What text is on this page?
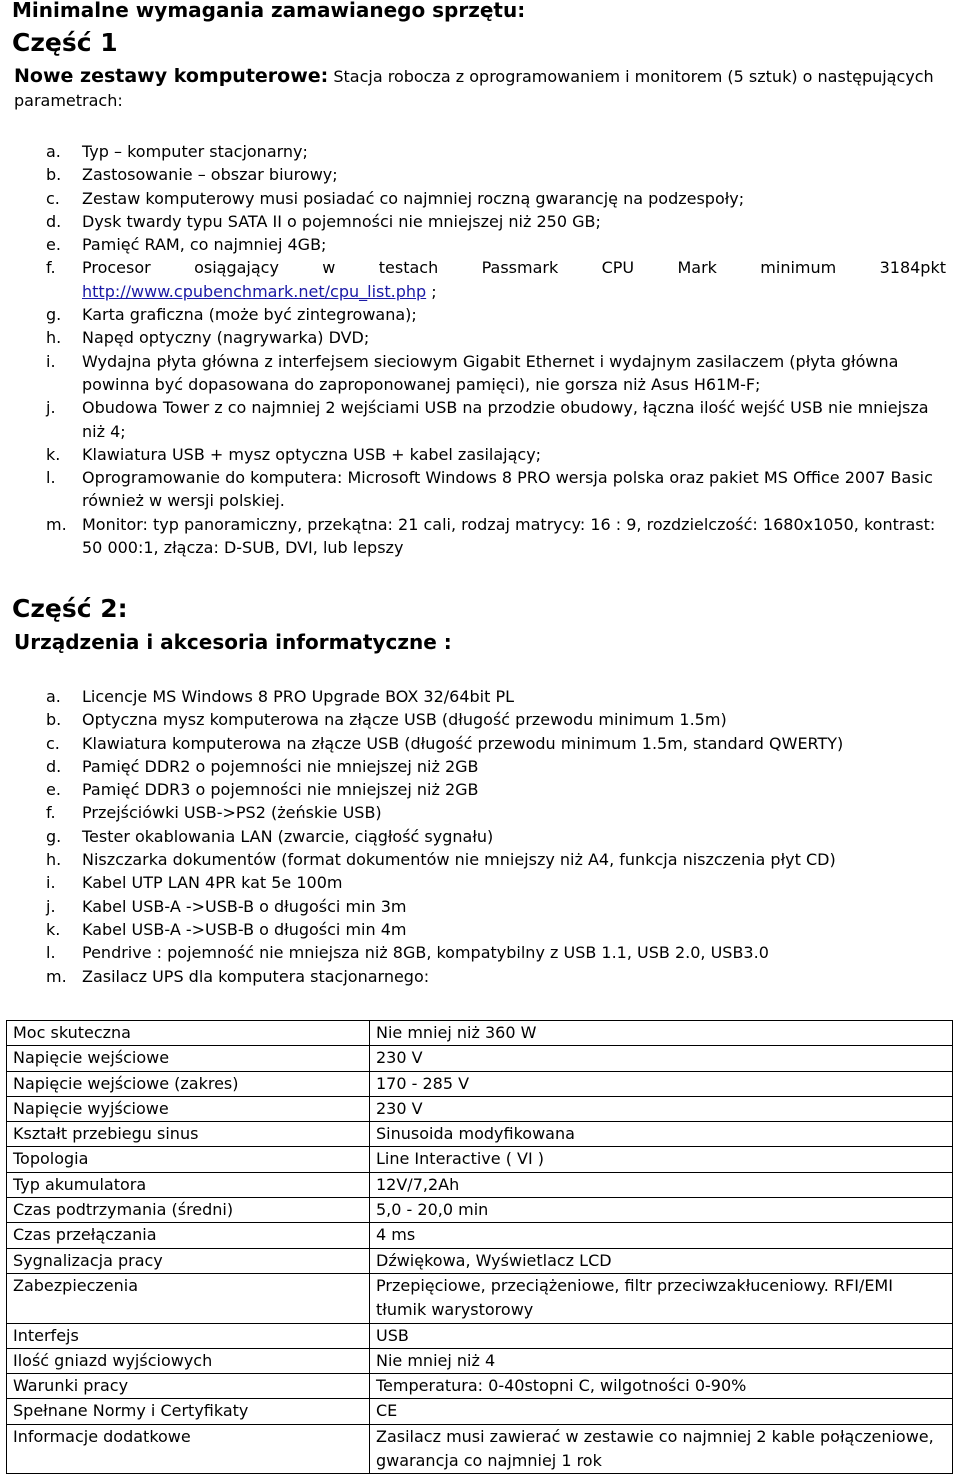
Minimalne wymagania zamawianego sprzętu:
Część 1

Nowe zestawy komputerowe: Stacja robocza z oprogramowaniem i monitorem (5 sztuk) o następujących parametrach:

a. Typ – komputer stacjonarny;
b. Zastosowanie – obszar biurowy;
c. Zestaw komputerowy musi posiadać co najmniej roczną gwarancję na podzespoły;
d. Dysk twardy typu SATA II o pojemności nie mniejszej niż 250 GB;
e. Pamięć RAM, co najmniej 4GB;
f. Procesor osiągający w testach Passmark CPU Mark minimum 3184pkt
http://www.cpubenchmark.net/cpu_list.php ;
g. Karta graficzna (może być zintegrowana);
h. Napęd optyczny (nagrywarka) DVD;
i. Wydajna płyta główna z interfejsem sieciowym Gigabit Ethernet i wydajnym zasilaczem (płyta główna powinna być dopasowana do zaproponowanej pamięci), nie gorsza niż Asus H61M-F;
j. Obudowa Tower z co najmniej 2 wejściami USB na przodzie obudowy, łączna ilość wejść USB nie mniejsza niż 4;
k. Klawiatura USB + mysz optyczna USB + kabel zasilający;
l. Oprogramowanie do komputera: Microsoft Windows 8 PRO wersja polska oraz pakiet MS Office 2007 Basic również w wersji polskiej.
m. Monitor: typ panoramiczny, przekątna: 21 cali, rodzaj matrycy: 16 : 9, rozdzielczość: 1680x1050, kontrast: 50 000:1, złącza: D-SUB, DVI, lub lepszy
Część 2:
Urządzenia i akcesoria informatyczne :
a. Licencje MS Windows 8 PRO Upgrade BOX 32/64bit PL
b. Optyczna mysz komputerowa na złącze USB (długość przewodu minimum 1.5m)
c. Klawiatura komputerowa na złącze USB (długość przewodu minimum 1.5m, standard QWERTY)
d. Pamięć DDR2 o pojemności nie mniejszej niż 2GB
e. Pamięć DDR3 o pojemności nie mniejszej niż 2GB
f. Przejściówki USB->PS2 (żeńskie USB)
g. Tester okablowania LAN (zwarcie, ciągłość sygnału)
h. Niszczarka dokumentów (format dokumentów nie mniejszy niż A4, funkcja niszczenia płyt CD)
i. Kabel UTP LAN 4PR kat 5e 100m
j. Kabel USB-A ->USB-B o długości min 3m
k. Kabel USB-A ->USB-B o długości min 4m
l. Pendrive : pojemność nie mniejsza niż 8GB, kompatybilny z USB 1.1, USB 2.0, USB3.0
m. Zasilacz UPS dla komputera stacjonarnego:
Moc skuteczna	Nie mniej niż 360 W
Napięcie wejściowe	230 V
Napięcie wejściowe (zakres)	170 - 285 V
Napięcie wyjściowe	230 V
Kształt przebiegu sinus	Sinusoida modyfikowana
Topologia	Line Interactive ( VI )
Typ akumulatora	12V/7,2Ah
Czas podtrzymania (średni)	5,0 - 20,0 min
Czas przełączania	4 ms
Sygnalizacja pracy	Dźwiękowa, Wyświetlacz LCD
Zabezpieczenia	Przepięciowe, przeciążeniowe, filtr przeciwzakłuceniowy. RFI/EMI tłumik warystorowy
Interfejs	USB
Ilość gniazd wyjściowych	Nie mniej niż 4
Warunki pracy	Temperatura: 0-40stopni C, wilgotności 0-90%
Spełnane Normy i Certyfikaty	CE
Informacje dodatkowe	Zasilacz musi zawierać w zestawie co najmniej 2 kable połączeniowe, gwarancja co najmniej 1 rok
